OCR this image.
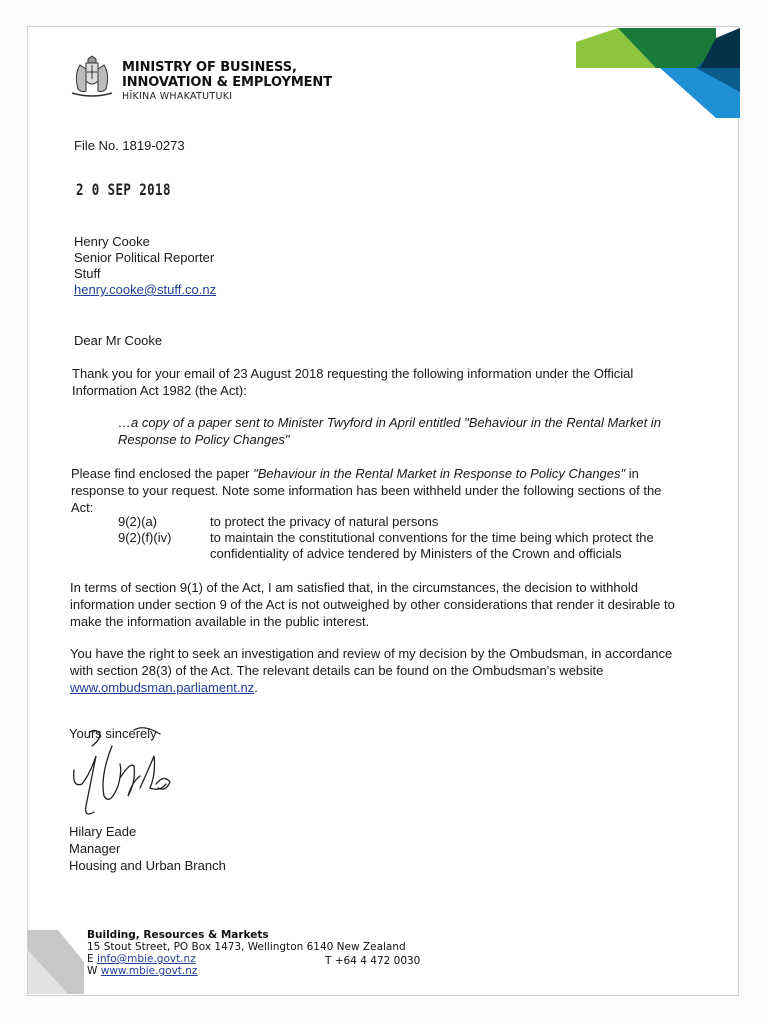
MINISTRY OF BUSINESS,
INNOVATION & EMPLOYMENT
HĪKINA WHAKATUTUKI
File No. 1819-0273
2 0 SEP 2018
Henry Cooke
Senior Political Reporter
Stuff
henry.cooke@stuff.co.nz
Dear Mr Cooke
Thank you for your email of 23 August 2018 requesting the following information under the Official Information Act 1982 (the Act):
…a copy of a paper sent to Minister Twyford in April entitled "Behaviour in the Rental Market in Response to Policy Changes"
Please find enclosed the paper "Behaviour in the Rental Market in Response to Policy Changes" in response to your request. Note some information has been withheld under the following sections of the Act:
9(2)(a)	to protect the privacy of natural persons
9(2)(f)(iv)	to maintain the constitutional conventions for the time being which protect the confidentiality of advice tendered by Ministers of the Crown and officials
In terms of section 9(1) of the Act, I am satisfied that, in the circumstances, the decision to withhold information under section 9 of the Act is not outweighed by other considerations that render it desirable to make the information available in the public interest.
You have the right to seek an investigation and review of my decision by the Ombudsman, in accordance with section 28(3) of the Act. The relevant details can be found on the Ombudsman's website www.ombudsman.parliament.nz.
Yours sincerely
Hilary Eade
Manager
Housing and Urban Branch
Building, Resources & Markets
15 Stout Street, PO Box 1473, Wellington 6140 New Zealand
E info@mbie.govt.nz
W www.mbie.govt.nz
T +64 4 472 0030
